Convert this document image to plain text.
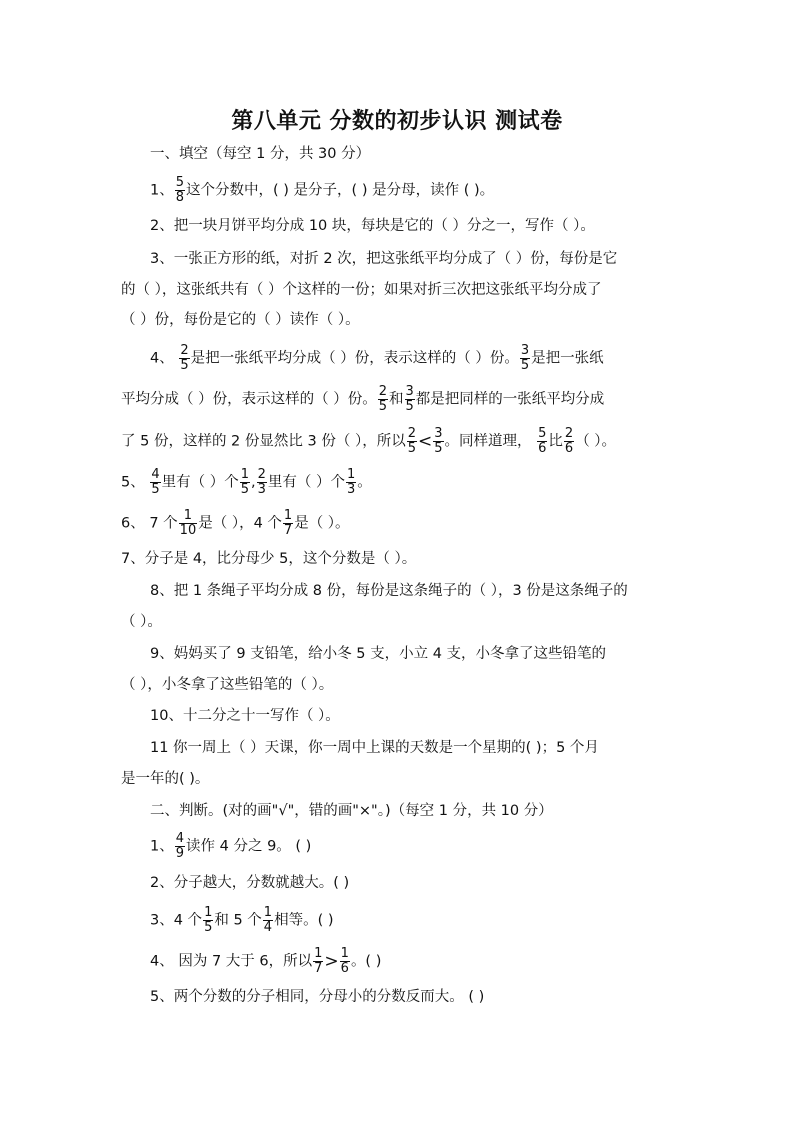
第八单元 分数的初步认识 测试卷
一、填空（每空 1 分，共 30 分）
1、 $\frac{5}{8}$ 这个分数中，( ) 是分子，( ) 是分母，读作 ( )。
2、把一块月饼平均分成 10 块，每块是它的（ ）分之一，写作（ ）。
3、一张正方形的纸，对折 2 次，把这张纸平均分成了（ ）份，每份是它
的（ ），这张纸共有（ ）个这样的一份；如果对折三次把这张纸平均分成了
（ ）份，每份是它的（ ）读作（ ）。
4、 $\frac{2}{5}$ 是把一张纸平均分成（ ）份，表示这样的（ ）份。 $\frac{3}{5}$ 是把一张纸
平均分成（ ）份，表示这样的（ ）份。 $\frac{2}{5}$ 和 $\frac{3}{5}$ 都是把同样的一张纸平均分成
了 5 份，这样的 2 份显然比 3 份（ ），所以 $\frac{2}{5} < \frac{3}{5}$ 。同样道理， $\frac{5}{6}$ 比 $\frac{2}{6}$ （ ）。
5、 $\frac{4}{5}$ 里有（ ）个 $\frac{1}{5}$ , $\frac{2}{3}$ 里有（ ）个 $\frac{1}{3}$ 。
6、 7 个 $\frac{1}{10}$ 是（ ），4 个 $\frac{1}{7}$ 是（ ）。
7、分子是 4，比分母少 5，这个分数是（ ）。
8、把 1 条绳子平均分成 8 份，每份是这条绳子的（ ），3 份是这条绳子的
（ ）。
9、妈妈买了 9 支铅笔，给小冬 5 支，小立 4 支，小冬拿了这些铅笔的
（ ），小冬拿了这些铅笔的（ ）。
10、十二分之十一写作（ ）。
11 你一周上（ ）天课，你一周中上课的天数是一个星期的( )；5 个月
是一年的( )。
二、判断。(对的画"√"，错的画"×"。)（每空 1 分，共 10 分）
1、 $\frac{4}{9}$ 读作 4 分之 9。 ( )
2、分子越大，分数就越大。( )
3、4 个 $\frac{1}{5}$ 和 5 个 $\frac{1}{4}$ 相等。( )
4、 因为 7 大于 6，所以 $\frac{1}{7} > \frac{1}{6}$ 。( )
5、两个分数的分子相同，分母小的分数反而大。 ( )
